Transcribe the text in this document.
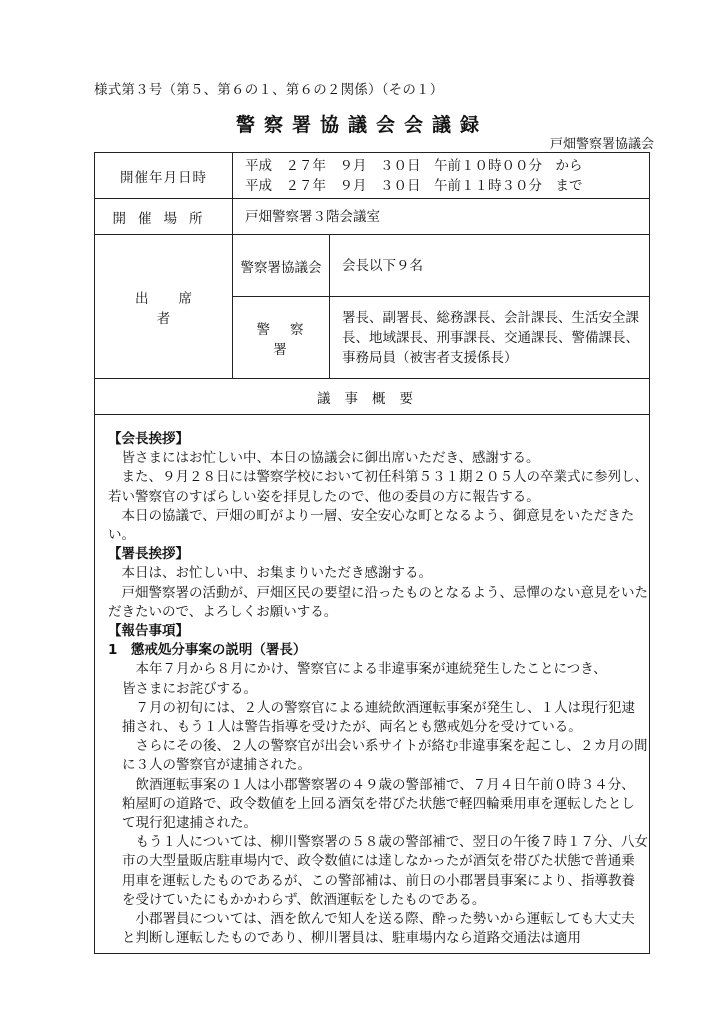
様式第３号（第５、第６の１、第６の２関係）（その１）
警察署協議会会議録
戸畑警察署協議会
開催年月日時	平成　２７年　９月　３０日　午前１０時００分　から
平成　２７年　９月　３０日　午前１１時３０分　まで	

開催場所	戸畑警察署３階会議室	
出席者	警察署協議会	会長以下９名
	警察署	署長、副署長、総務課長、会計課長、生活安全課長、地域課長、刑事課長、交通課長、警備課長、事務局員（被害者支援係長）
議事概要		

【会長挨拶】

皆さまにはお忙しい中、本日の協議会に御出席いただき、感謝する。

また、９月２８日には警察学校において初任科第５３１期２０５人の卒業式に参列し、若い警察官のすばらしい姿を拝見したので、他の委員の方に報告する。

本日の協議で、戸畑の町がより一層、安全安心な町となるよう、御意見をいただきたい。

【署長挨拶】

本日は、お忙しい中、お集まりいただき感謝する。

戸畑警察署の活動が、戸畑区民の要望に沿ったものとなるよう、忌憚のない意見をいただきたいので、よろしくお願いする。

【報告事項】

1　懲戒処分事案の説明（署長）

本年７月から８月にかけ、警察官による非違事案が連続発生したことにつき、

皆さまにお詫びする。

７月の初旬には、２人の警察官による連続飲酒運転事案が発生し、１人は現行犯逮捕され、もう１人は警告指導を受けたが、両名とも懲戒処分を受けている。

さらにその後、２人の警察官が出会い系サイトが絡む非違事案を起こし、２カ月の間に３人の警察官が逮捕された。

飲酒運転事案の１人は小郡警察署の４９歳の警部補で、７月４日午前０時３４分、粕屋町の道路で、政令数値を上回る酒気を帯びた状態で軽四輪乗用車を運転したとして現行犯逮捕された。

もう１人については、柳川警察署の５８歳の警部補で、翌日の午後７時１７分、八女市の大型量販店駐車場内で、政令数値には達しなかったが酒気を帯びた状態で普通乗用車を運転したものであるが、この警部補は、前日の小郡署員事案により、指導教養を受けていたにもかかわらず、飲酒運転をしたものである。

小郡署員については、酒を飲んで知人を送る際、酔った勢いから運転しても大丈夫と判断し運転したものであり、柳川署員は、駐車場内なら道路交通法は適用
